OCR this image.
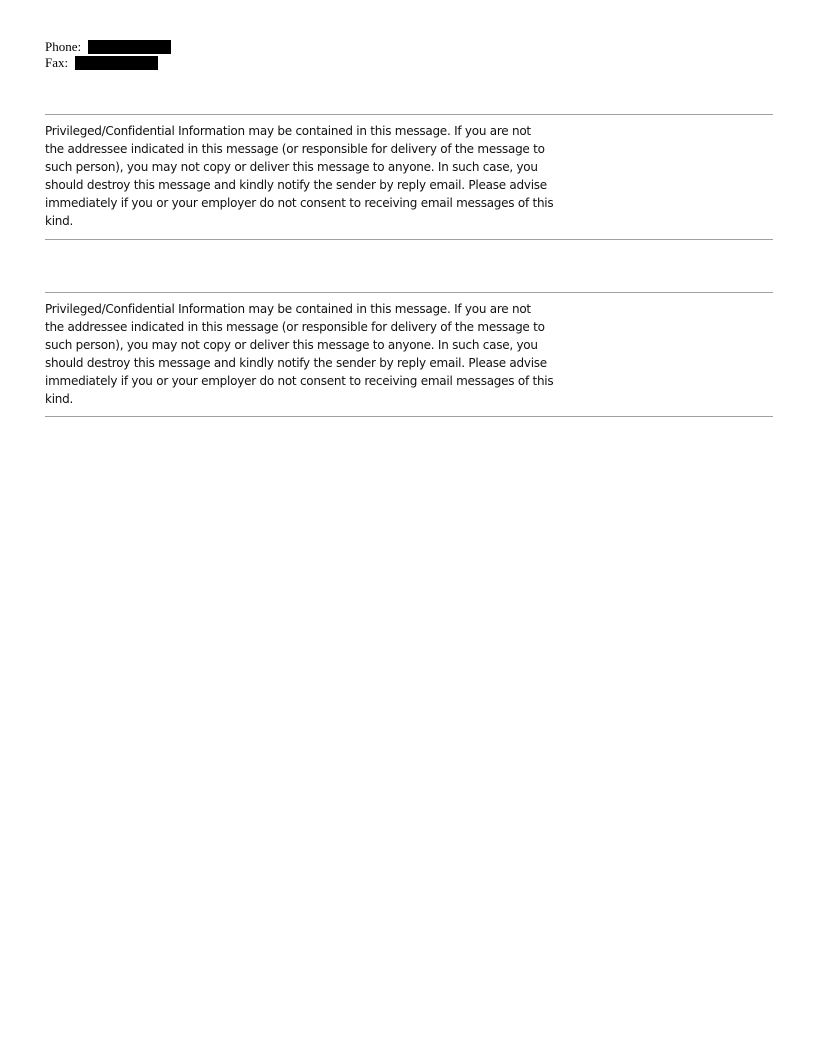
Phone:
Fax:
Privileged/Confidential Information may be contained in this message. If you are not
the addressee indicated in this message (or responsible for delivery of the message to
such person), you may not copy or deliver this message to anyone. In such case, you
should destroy this message and kindly notify the sender by reply email. Please advise
immediately if you or your employer do not consent to receiving email messages of this
kind.
Privileged/Confidential Information may be contained in this message. If you are not
the addressee indicated in this message (or responsible for delivery of the message to
such person), you may not copy or deliver this message to anyone. In such case, you
should destroy this message and kindly notify the sender by reply email. Please advise
immediately if you or your employer do not consent to receiving email messages of this
kind.
